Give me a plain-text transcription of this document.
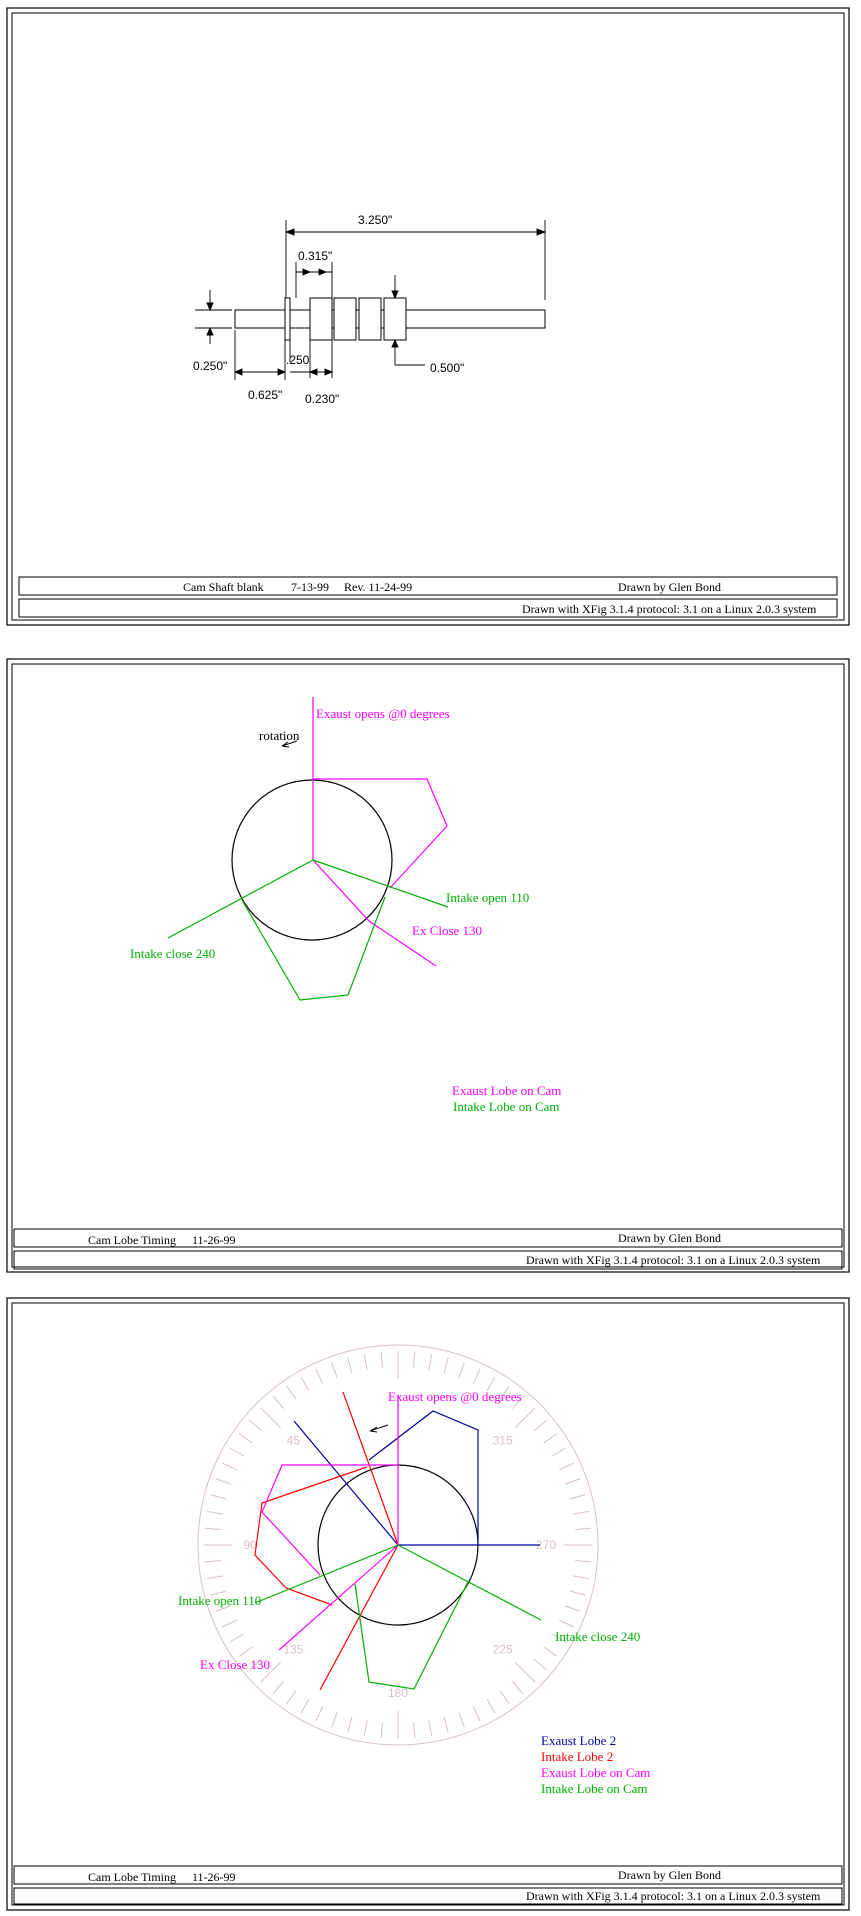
3.250"
0.315"
0.250"	.250
0.625" 0.230"
0.500"
Cam Shaft blank 7-13-99 Rev. 11-24-99	Drawn by Glen Bond
Drawn with XFig 3.1.4 protocol: 3.1 on a Linux 2.0.3 system
Exaust opens @0 degrees
rotation
Intake open 110
Ex Close 130
Intake close 240
Exaust Lobe on Cam
Intake Lobe on Cam
Cam Lobe Timing 11-26-99	Drawn by Glen Bond
Drawn with XFig 3.1.4 protocol: 3.1 on a Linux 2.0.3 system
315
45
90	270
135	225
180
Exaust opens @0 degrees
Intake open 110
Ex Close 130
Intake close 240
Exaust Lobe 2
Intake Lobe 2
Exaust Lobe on Cam
Intake Lobe on Cam
Cam Lobe Timing 11-26-99	Drawn by Glen Bond
Drawn with XFig 3.1.4 protocol: 3.1 on a Linux 2.0.3 system
